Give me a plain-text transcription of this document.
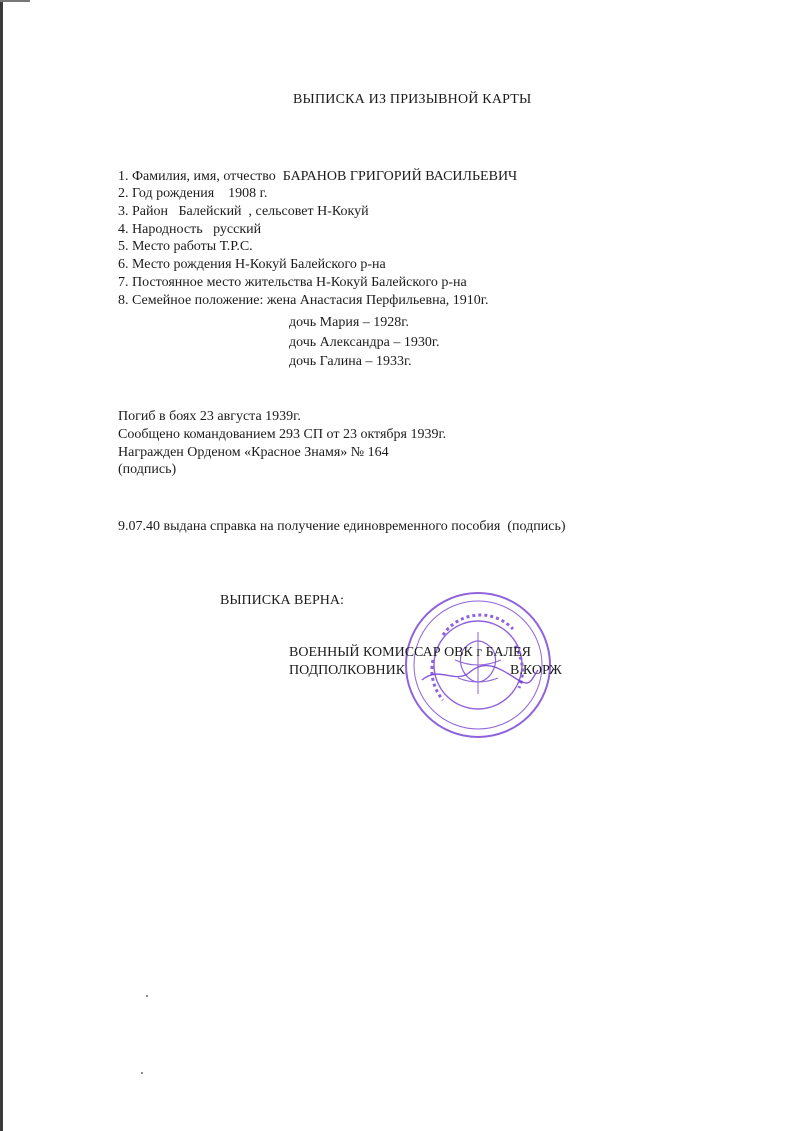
ВЫПИСКА ИЗ ПРИЗЫВНОЙ КАРТЫ
1. Фамилия, имя, отчество  БАРАНОВ ГРИГОРИЙ ВАСИЛЬЕВИЧ
2. Год рождения    1908 г.
3. Район   Балейский  , сельсовет Н-Кокуй
4. Народность   русский
5. Место работы Т.Р.С.
6. Место рождения Н-Кокуй Балейского р-на
7. Постоянное место жительства Н-Кокуй Балейского р-на
8. Семейное положение: жена Анастасия Перфильевна, 1910г.
дочь Мария – 1928г.
дочь Александра – 1930г.
дочь Галина – 1933г.
Погиб в боях 23 августа 1939г.
Сообщено командованием 293 СП от 23 октября 1939г.
Награжден Орденом «Красное Знамя» № 164
(подпись)
9.07.40 выдана справка на получение единовременного пособия  (подпись)
ВЫПИСКА ВЕРНА:
ВОЕННЫЙ КОМИССАР ОВК г БАЛЕЯ
ПОДПОЛКОВНИК	В.КОРЖ
